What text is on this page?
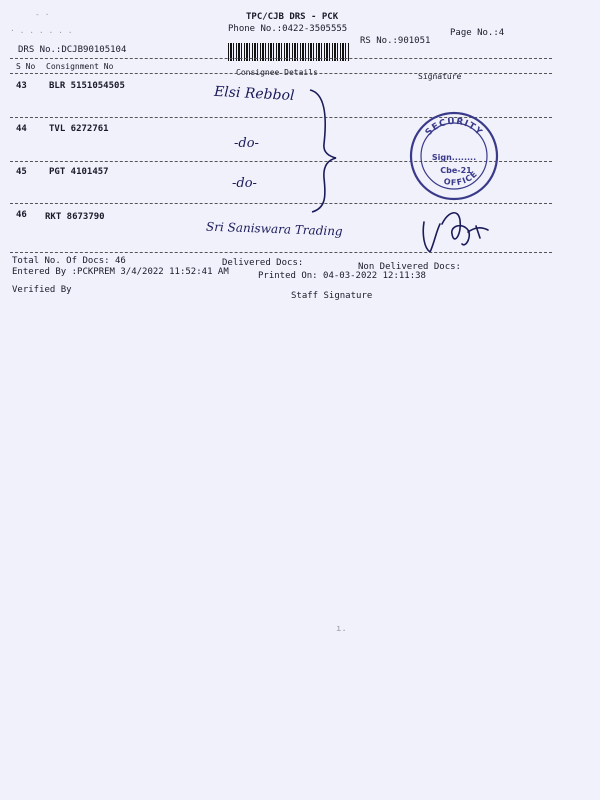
- ·
· . . . . . .
TPC/CJB DRS - PCK
Phone No.:0422-3505555	Page No.:4
RS No.:901051
DRS No.:DCJB90105104
S No Consignment No
Consignee Details	Signature
43 BLR 5151054505	Elsi Rebbol
44 TVL 6272761
-do-
45 PGT 4101457
-do-
46 RKT 8673790
Sri Saniswara Trading
SECURITY
OFFICE
Sign........
Cbe-21
Total No. Of Docs: 46	Delivered Docs:	Non Delivered Docs:
Entered By :PCKPREM 3/4/2022 11:52:41 AM	Printed On: 04-03-2022 12:11:38
Verified By
Staff Signature
ı.
